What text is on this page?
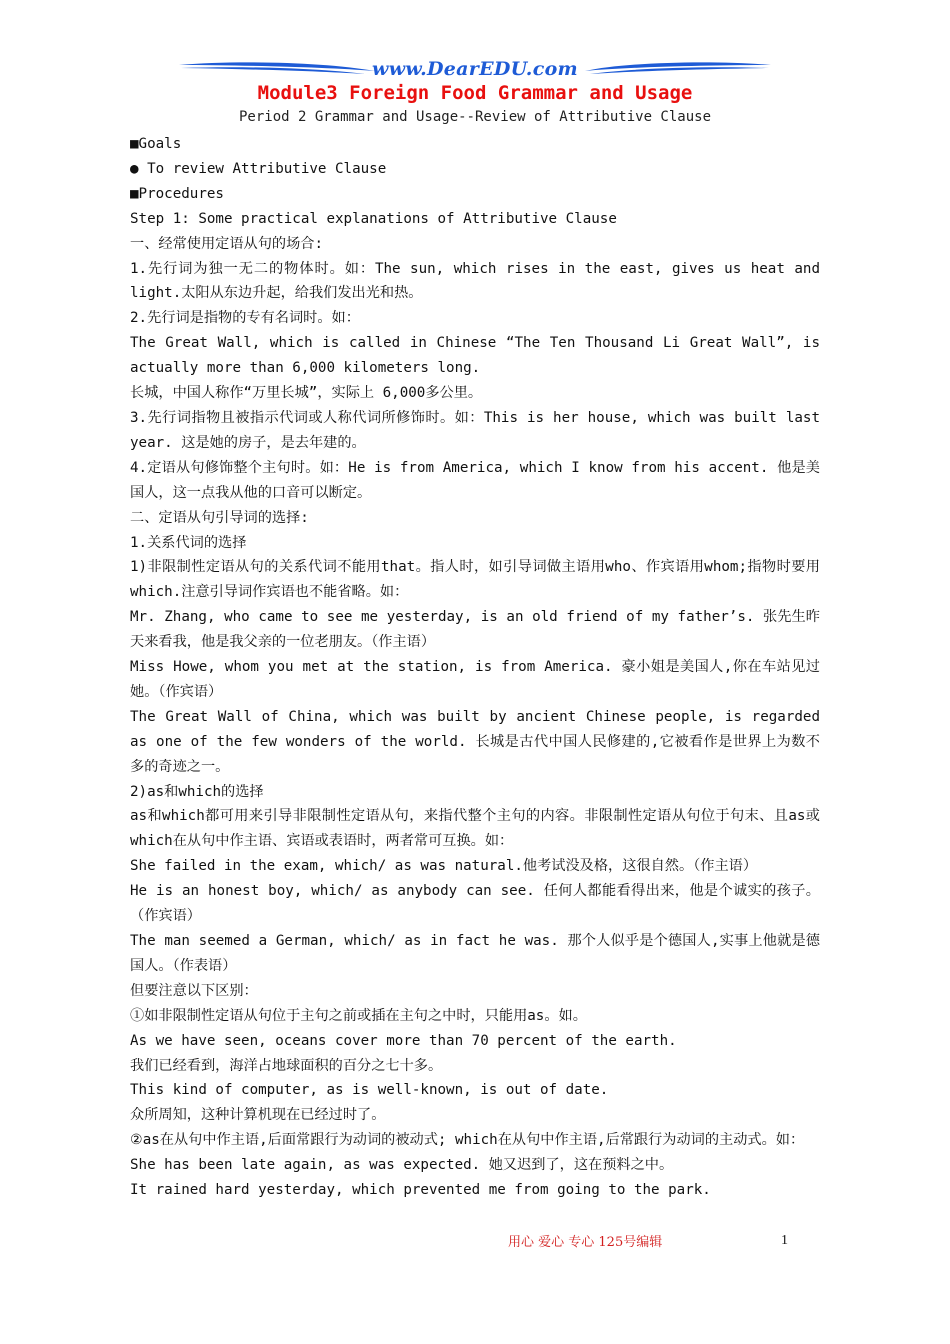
www.DearEDU.com
Module3 Foreign Food Grammar and Usage
Period 2 Grammar and Usage--Review of Attributive Clause

■Goals

● To review Attributive Clause

■Procedures

Step 1: Some practical explanations of Attributive Clause

一、经常使用定语从句的场合:

1.先行词为独一无二的物体时。如：The sun, which rises in the east, gives us heat and light.太阳从东边升起，给我们发出光和热。

2.先行词是指物的专有名词时。如：

The Great Wall, which is called in Chinese “The Ten Thousand Li Great Wall”, is actually more than 6,000 kilometers long.

长城，中国人称作“万里长城”，实际上 6,000多公里。

3.先行词指物且被指示代词或人称代词所修饰时。如：This is her house, which was built last year. 这是她的房子，是去年建的。

4.定语从句修饰整个主句时。如：He is from America, which I know from his accent. 他是美国人，这一点我从他的口音可以断定。

二、定语从句引导词的选择:

1.关系代词的选择

1)非限制性定语从句的关系代词不能用that。指人时，如引导词做主语用who、作宾语用whom;指物时要用which.注意引导词作宾语也不能省略。如：

Mr. Zhang, who came to see me yesterday, is an old friend of my father’s. 张先生昨天来看我，他是我父亲的一位老朋友。（作主语）

Miss Howe, whom you met at the station, is from America. 豪小姐是美国人,你在车站见过她。（作宾语）

The Great Wall of China, which was built by ancient Chinese people, is regarded as one of the few wonders of the world. 长城是古代中国人民修建的,它被看作是世界上为数不多的奇迹之一。

2)as和which的选择

as和which都可用来引导非限制性定语从句，来指代整个主句的内容。非限制性定语从句位于句末、且as或 which在从句中作主语、宾语或表语时，两者常可互换。如：

She failed in the exam, which/ as was natural.他考试没及格，这很自然。（作主语）

He is an honest boy, which/ as anybody can see. 任何人都能看得出来，他是个诚实的孩子。（作宾语）

The man seemed a German, which/ as in fact he was. 那个人似乎是个德国人,实事上他就是德国人。（作表语）

但要注意以下区别：

①如非限制性定语从句位于主句之前或插在主句之中时，只能用as。如。

As we have seen, oceans cover more than 70 percent of the earth.

我们已经看到，海洋占地球面积的百分之七十多。

This kind of computer, as is well-known, is out of date.

众所周知，这种计算机现在已经过时了。

②as在从句中作主语,后面常跟行为动词的被动式; which在从句中作主语,后常跟行为动词的主动式。如：

She has been late again, as was expected. 她又迟到了，这在预料之中。

It rained hard yesterday, which prevented me from going to the park.

用心 爱心 专心 125号编辑	1
